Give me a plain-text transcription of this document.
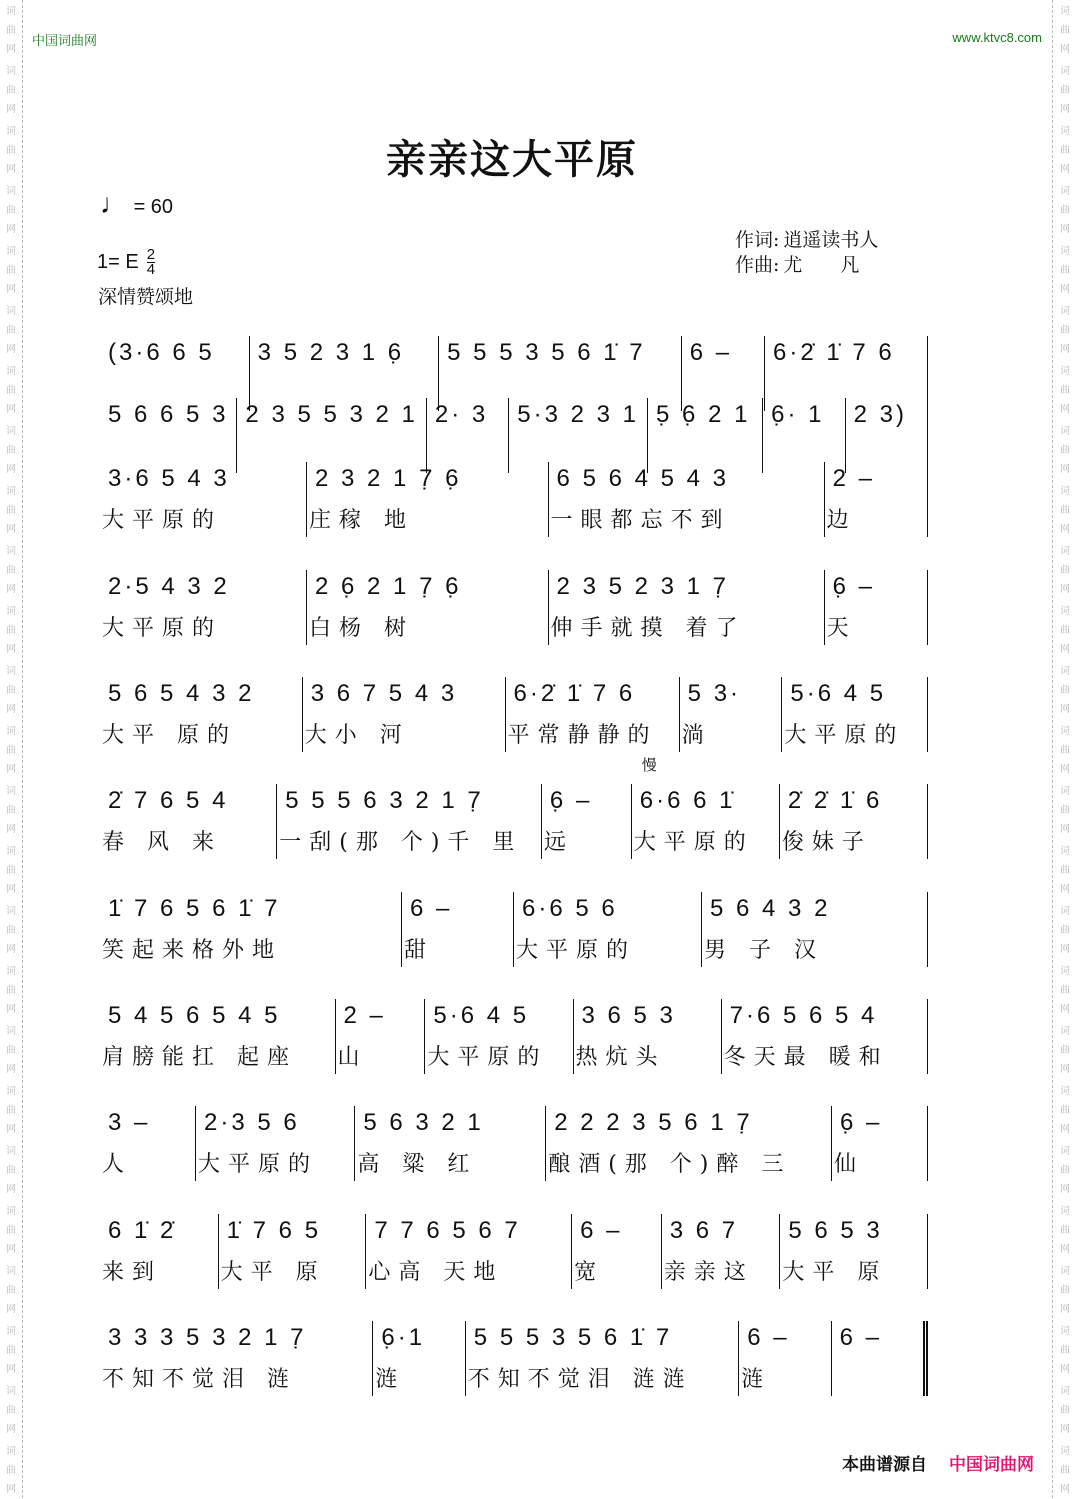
词
曲
网
词
曲
网
词
曲
网
词
曲
网
词
曲
网
词
曲
网
词
曲
网
词
曲
网
词
曲
网
词
曲
网
词
曲
网
词
曲
网
词
曲
网
词
曲
网
词
曲
网
词
曲
网
词
曲
网
词
曲
网
词
曲
网
词
曲
网
词
曲
网
词
曲
网
词
曲
网
词
曲
网
词
曲
网
词
曲
网
词
曲
网
词
曲
网
词
曲
网
词
曲
网
词
曲
网
词
曲
网
词
曲
网
词
曲
网
词
曲
网
词
曲
网
词
曲
网
词
曲
网
词
曲
网
词
曲
网
词
曲
网
词
曲
网
词
曲
网
词
曲
网
词
曲
网
词
曲
网
词
曲
网
词
曲
网
词
曲
网
词
曲
网
中国词曲网	www.ktvc8.com
亲亲这大平原
♩ = 60
1= E $\frac{2}{4}$
深情赞颂地
作词: 逍遥读书人
作曲: 尤　　凡
(3·6 6 5	3 5 2 3 1 6̣	5 5 5 3 5 6 1̇ 7	6 –	6·2̇ 1̇ 7 6
5 6 6 5 3 2 3 5 5 3 2 1 2· 3	5·3 2 3 1 5̣ 6̣ 2 1 6̣· 1	2 3)
3·6 5 4 3
大平原的
2 3 2 1 7̣ 6̣
庄稼 地
6 5 6 4 5 4 3
一眼都忘不到
2 –
边
2·5 4 3 2
大平原的
2 6̣ 2 1 7̣ 6̣
白杨 树
2 3 5 2 3 1 7̣
伸手就摸 着了
6̣ –
天
5 6 5 4 3 2
大平 原的
3 6 7 5 4 3
大小 河
6·2̇ 1̇ 7 6
平常静静的
5 3·
淌
5·6 4 5
大平原的
2̇ 7 6 5 4
春 风 来
5 5 5 6 3 2 1 7̣
一刮(那 个)千 里
6̣ –
远
6·6 6 1̇
大平原的
慢
2̇ 2̇ 1̇ 6
俊妹子
1̇ 7 6 5 6 1̇ 7
笑起来格外地
6 –
甜
6·6 5 6
大平原的
5 6 4 3 2
男 子 汉
5 4 5 6 5 4 5
肩膀能扛 起座
2 –
山
5·6 4 5
大平原的
3 6 5 3
热炕头
7·6 5 6 5 4
冬天最 暖和
3 –
人
2·3 5 6
大平原的
5 6 3 2 1
高 粱 红
2 2 2 3 5 6 1 7̣
酿酒(那 个)醉 三
6̣ –
仙
6 1̇ 2̇
来到
1̇ 7 6 5
大平 原
7 7 6 5 6 7
心高 天地
6 –
宽
3 6 7
亲亲这
5 6 5 3
大平 原
3 3 3 5 3 2 1 7̣
不知不觉泪 涟
6̣·1
涟
5 5 5 3 5 6 1̇ 7
不知不觉泪 涟涟
6 –
涟
6 –
本曲谱源自 中国词曲网
